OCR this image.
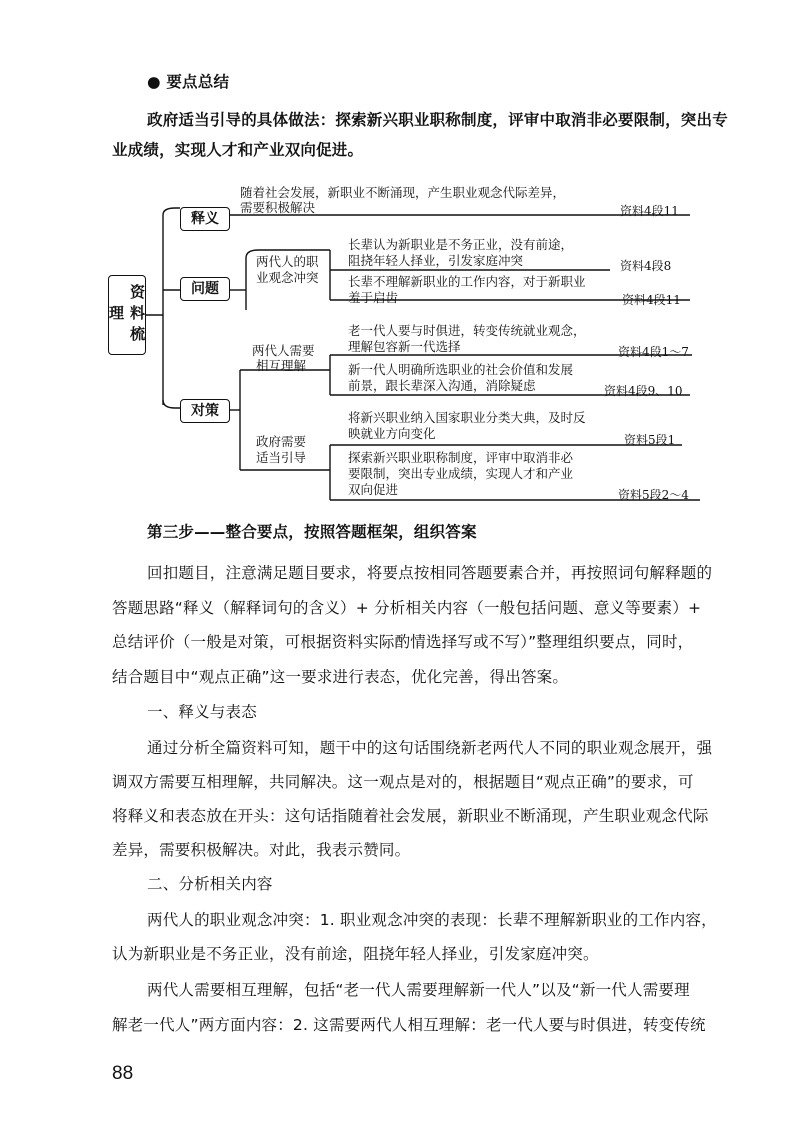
● 要点总结
政府适当引导的具体做法：探索新兴职业职称制度，评审中取消非必要限制，突出专
业成绩，实现人才和产业双向促进。
资料梳理
释义
问题
对策
随着社会发展，新职业不断涌现，产生职业观念代际差异，
需要积极解决	资料4段11
两代人的职
业观念冲突
长辈认为新职业是不务正业，没有前途，
阻挠年轻人择业，引发家庭冲突	资料4段8
长辈不理解新职业的工作内容，对于新职业
羞于启齿	资料4段11
两代人需要
相互理解
老一代人要与时俱进，转变传统就业观念，
理解包容新一代选择	资料4段1～7
新一代人明确所选职业的社会价值和发展
前景，跟长辈深入沟通，消除疑虑	资料4段9、10
政府需要
适当引导
将新兴职业纳入国家职业分类大典，及时反
映就业方向变化	资料5段1
探索新兴职业职称制度，评审中取消非必
要限制，突出专业成绩，实现人才和产业
双向促进	资料5段2～4
第三步——整合要点，按照答题框架，组织答案
回扣题目，注意满足题目要求，将要点按相同答题要素合并，再按照词句解释题的
答题思路“释义（解释词句的含义）+ 分析相关内容（一般包括问题、意义等要素）+
总结评价（一般是对策，可根据资料实际酌情选择写或不写）”整理组织要点，同时，
结合题目中“观点正确”这一要求进行表态，优化完善，得出答案。
一、释义与表态
通过分析全篇资料可知，题干中的这句话围绕新老两代人不同的职业观念展开，强
调双方需要互相理解，共同解决。这一观点是对的，根据题目“观点正确”的要求，可
将释义和表态放在开头：这句话指随着社会发展，新职业不断涌现，产生职业观念代际
差异，需要积极解决。对此，我表示赞同。
二、分析相关内容
两代人的职业观念冲突：1. 职业观念冲突的表现：长辈不理解新职业的工作内容，
认为新职业是不务正业，没有前途，阻挠年轻人择业，引发家庭冲突。
两代人需要相互理解，包括“老一代人需要理解新一代人”以及“新一代人需要理
解老一代人”两方面内容：2. 这需要两代人相互理解：老一代人要与时俱进，转变传统
88
